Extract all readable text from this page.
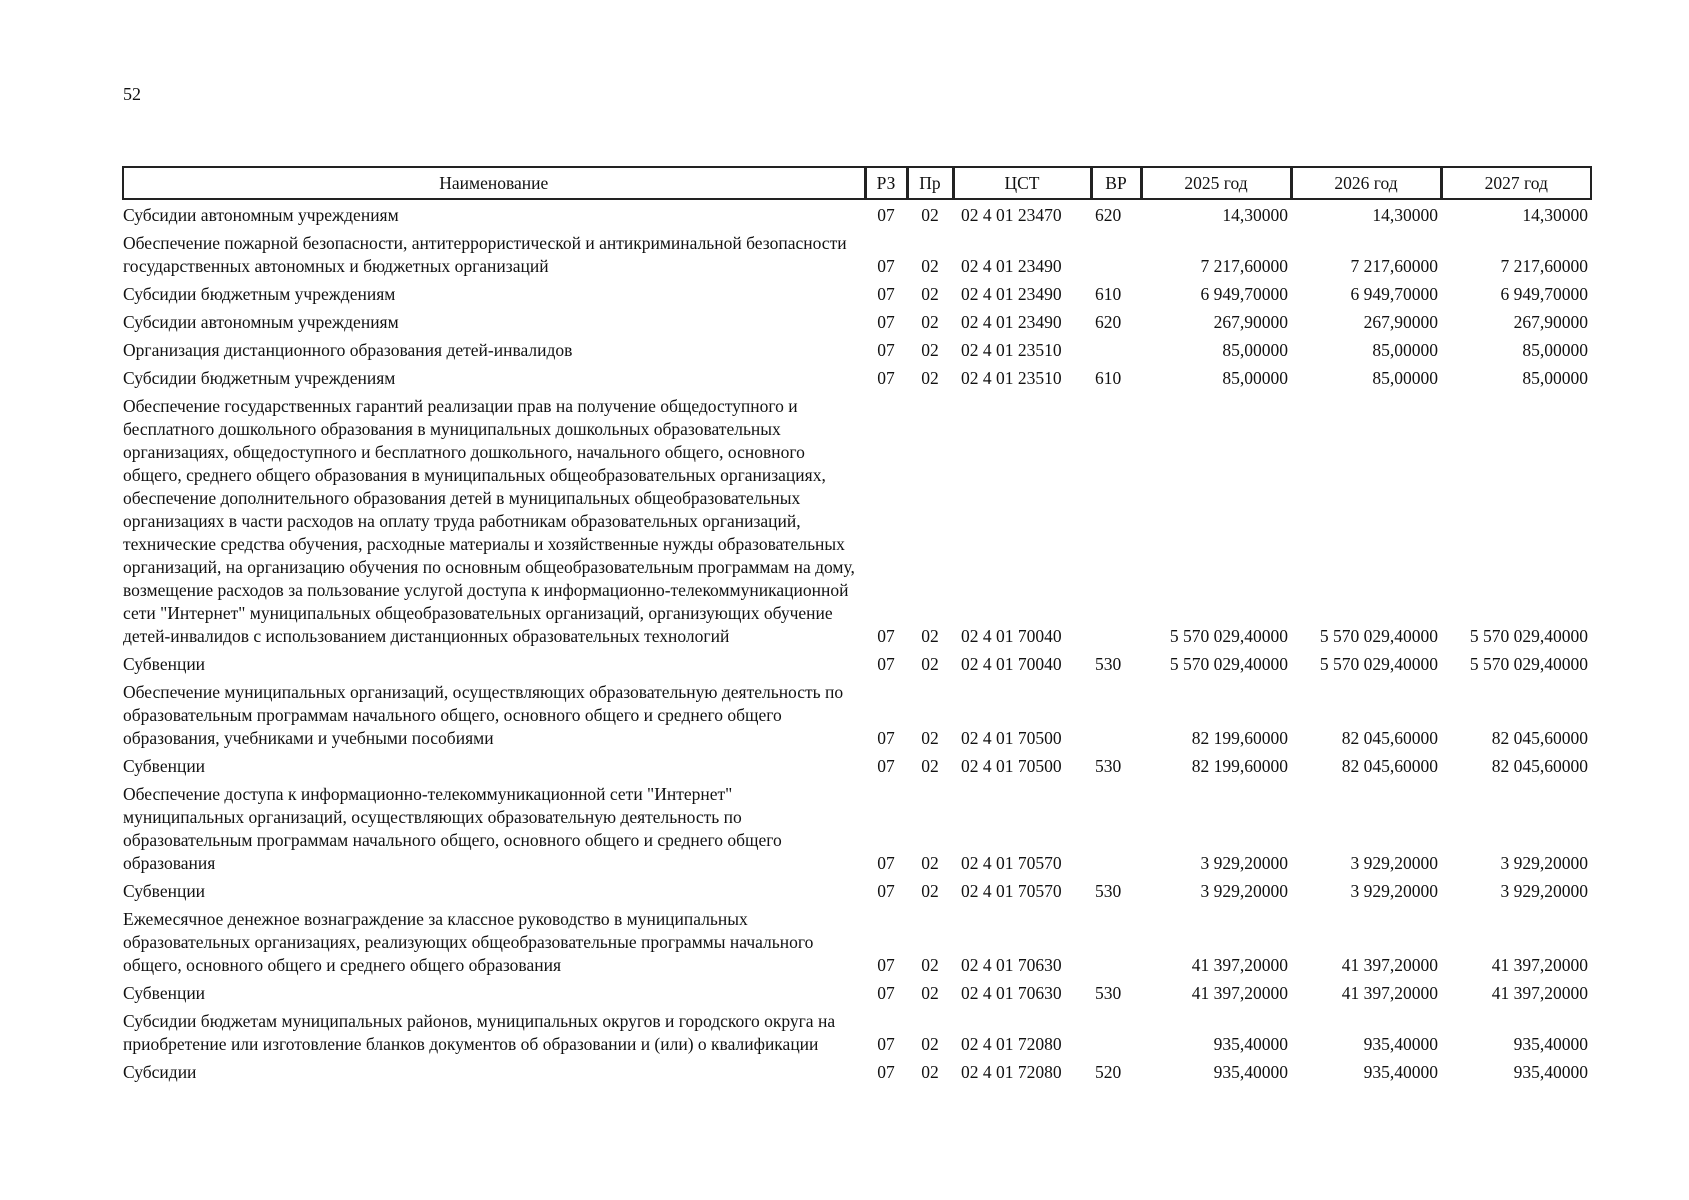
52
Наименование	РЗ	Пр	ЦСТ	ВР	2025 год	2026 год	2027 год
Субсидии автономным учреждениям	07	02	02 4 01 23470	620	14,30000	14,30000	14,30000
Обеспечение пожарной безопасности, антитеррористической и антикриминальной безопасности государственных автономных и бюджетных организаций	07	02	02 4 01 23490		7 217,60000	7 217,60000	7 217,60000
Субсидии бюджетным учреждениям	07	02	02 4 01 23490	610	6 949,70000	6 949,70000	6 949,70000
Субсидии автономным учреждениям	07	02	02 4 01 23490	620	267,90000	267,90000	267,90000
Организация дистанционного образования детей-инвалидов	07	02	02 4 01 23510		85,00000	85,00000	85,00000
Субсидии бюджетным учреждениям	07	02	02 4 01 23510	610	85,00000	85,00000	85,00000
Обеспечение государственных гарантий реализации прав на получение общедоступного и бесплатного дошкольного образования в муниципальных дошкольных образовательных организациях, общедоступного и бесплатного дошкольного, начального общего, основного общего, среднего общего образования в муниципальных общеобразовательных организациях, обеспечение дополнительного образования детей в муниципальных общеобразовательных организациях в части расходов на оплату труда работникам образовательных организаций, технические средства обучения, расходные материалы и хозяйственные нужды образовательных организаций, на организацию обучения по основным общеобразовательным программам на дому, возмещение расходов за пользование услугой доступа к информационно-телекоммуникационной сети "Интернет" муниципальных общеобразовательных организаций, организующих обучение детей-инвалидов с использованием дистанционных образовательных технологий	07	02	02 4 01 70040		5 570 029,40000	5 570 029,40000	5 570 029,40000
Субвенции	07	02	02 4 01 70040	530	5 570 029,40000	5 570 029,40000	5 570 029,40000
Обеспечение муниципальных организаций, осуществляющих образовательную деятельность по образовательным программам начального общего, основного общего и среднего общего образования, учебниками и учебными пособиями	07	02	02 4 01 70500		82 199,60000	82 045,60000	82 045,60000
Субвенции	07	02	02 4 01 70500	530	82 199,60000	82 045,60000	82 045,60000
Обеспечение доступа к информационно-телекоммуникационной сети "Интернет" муниципальных организаций, осуществляющих образовательную деятельность по образовательным программам начального общего, основного общего и среднего общего образования	07	02	02 4 01 70570		3 929,20000	3 929,20000	3 929,20000
Субвенции	07	02	02 4 01 70570	530	3 929,20000	3 929,20000	3 929,20000
Ежемесячное денежное вознаграждение за классное руководство в муниципальных образовательных организациях, реализующих общеобразовательные программы начального общего, основного общего и среднего общего образования	07	02	02 4 01 70630		41 397,20000	41 397,20000	41 397,20000
Субвенции	07	02	02 4 01 70630	530	41 397,20000	41 397,20000	41 397,20000
Субсидии бюджетам муниципальных районов, муниципальных округов и городского округа на приобретение или изготовление бланков документов об образовании и (или) о квалификации	07	02	02 4 01 72080		935,40000	935,40000	935,40000
Субсидии	07	02	02 4 01 72080	520	935,40000	935,40000	935,40000
